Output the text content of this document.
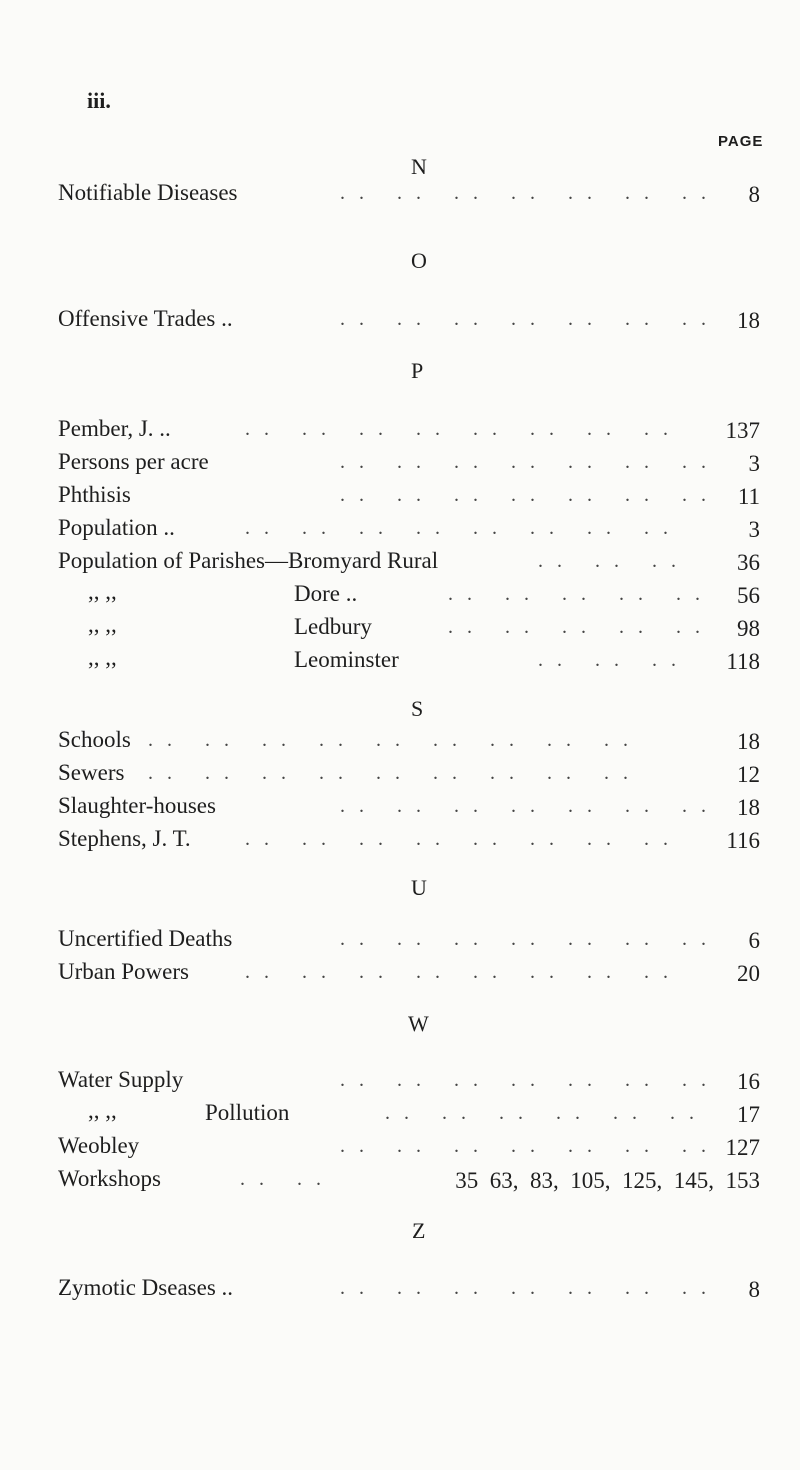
iii.
PAGE
N
Notifiable Diseases	.. .. .. .. .. .. .. 8
O
Offensive Trades ..	.. .. .. .. .. .. .. 18
P
Pember, J. ..	.. .. .. .. .. .. .. .. 137
Persons per acre	.. .. .. .. .. .. .. 3
Phthisis	.. .. .. .. .. .. .. 11
Population ..	.. .. .. .. .. .. .. ..	3
Population of Parishes—Bromyard Rural	.. .. .. 36
,, ,,	Dore ..	.. .. .. .. .. 56
,, ,,	Ledbury	.. .. .. .. .. 98
,, ,,	Leominster	.. .. .. 118
S
Schools .. .. .. .. .. .. .. .. ..	18
Sewers .. .. .. .. .. .. .. .. ..	12
Slaughter-houses	.. .. .. .. .. .. .. 18
Stephens, J. T.	.. .. .. .. .. .. .. .. 116
U
Uncertified Deaths	.. .. .. .. .. .. .. 6
Urban Powers	.. .. .. .. .. .. .. .. 20
W
Water Supply	.. .. .. .. .. .. .. 16
,, ,,	Pollution	.. .. .. .. .. .. 17
Weobley	.. .. .. .. .. .. .. 127
Workshops	.. ..	35  63,  83,  105,  125,  145,  153
Z
Zymotic Dseases ..	.. .. .. .. .. .. .. 8
